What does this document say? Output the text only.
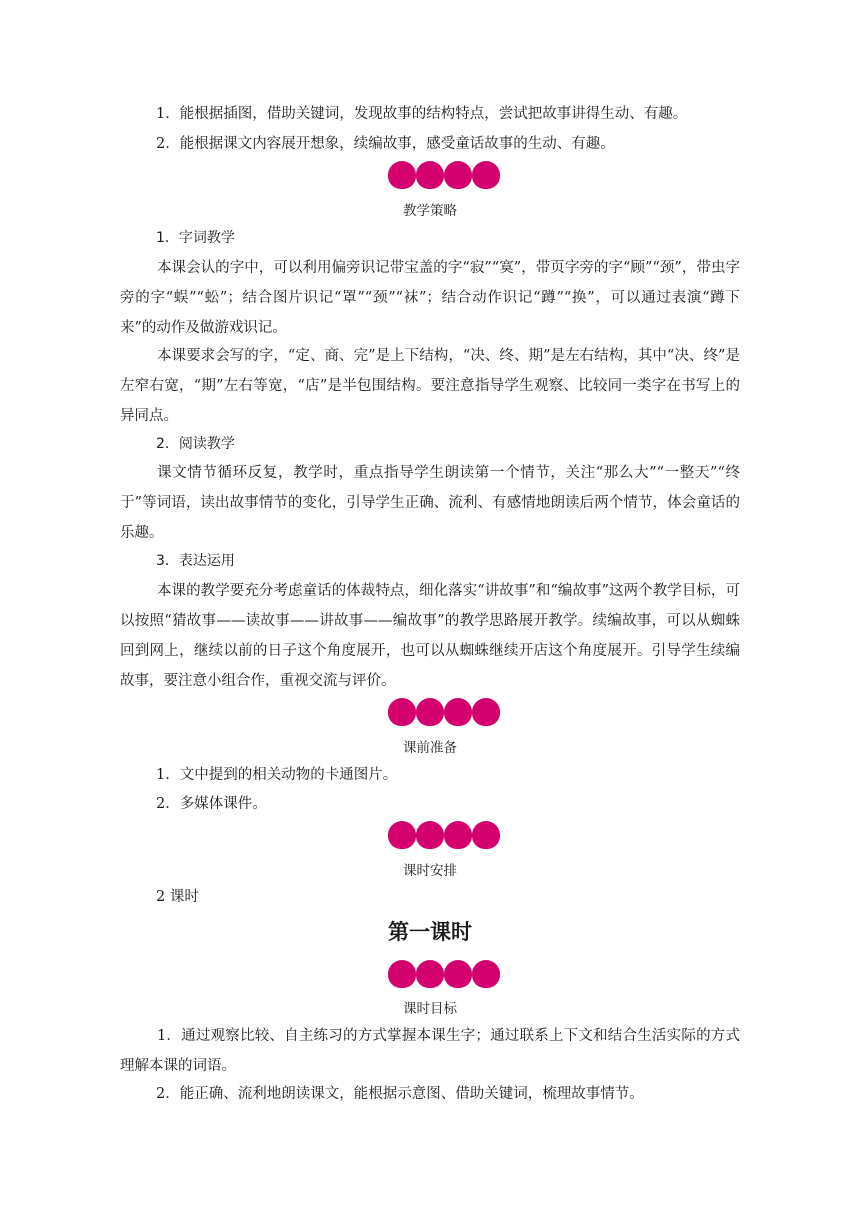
1．能根据插图，借助关键词，发现故事的结构特点，尝试把故事讲得生动、有趣。

2．能根据课文内容展开想象，续编故事，感受童话故事的生动、有趣。

教学策略

1．字词教学

本课会认的字中，可以利用偏旁识记带宝盖的字“寂”“寞”，带页字旁的字“顾”“颈”，带虫字旁的字“蜈”“蚣”；结合图片识记“罩”“颈”“袜”；结合动作识记“蹲”“换”，可以通过表演“蹲下来”的动作及做游戏识记。

本课要求会写的字，“定、商、完”是上下结构，“决、终、期”是左右结构，其中“决、终”是左窄右宽，“期”左右等宽，“店”是半包围结构。要注意指导学生观察、比较同一类字在书写上的异同点。

2．阅读教学

课文情节循环反复，教学时，重点指导学生朗读第一个情节，关注“那么大”“一整天”“终于”等词语，读出故事情节的变化，引导学生正确、流利、有感情地朗读后两个情节，体会童话的乐趣。

3．表达运用

本课的教学要充分考虑童话的体裁特点，细化落实“讲故事”和“编故事”这两个教学目标，可以按照“猜故事——读故事——讲故事——编故事”的教学思路展开教学。续编故事，可以从蜘蛛回到网上，继续以前的日子这个角度展开，也可以从蜘蛛继续开店这个角度展开。引导学生续编故事，要注意小组合作，重视交流与评价。

课前准备

1．文中提到的相关动物的卡通图片。

2．多媒体课件。

课时安排

2 课时

第一课时
课时目标

1．通过观察比较、自主练习的方式掌握本课生字；通过联系上下文和结合生活实际的方式理解本课的词语。

2．能正确、流利地朗读课文，能根据示意图、借助关键词，梳理故事情节。
